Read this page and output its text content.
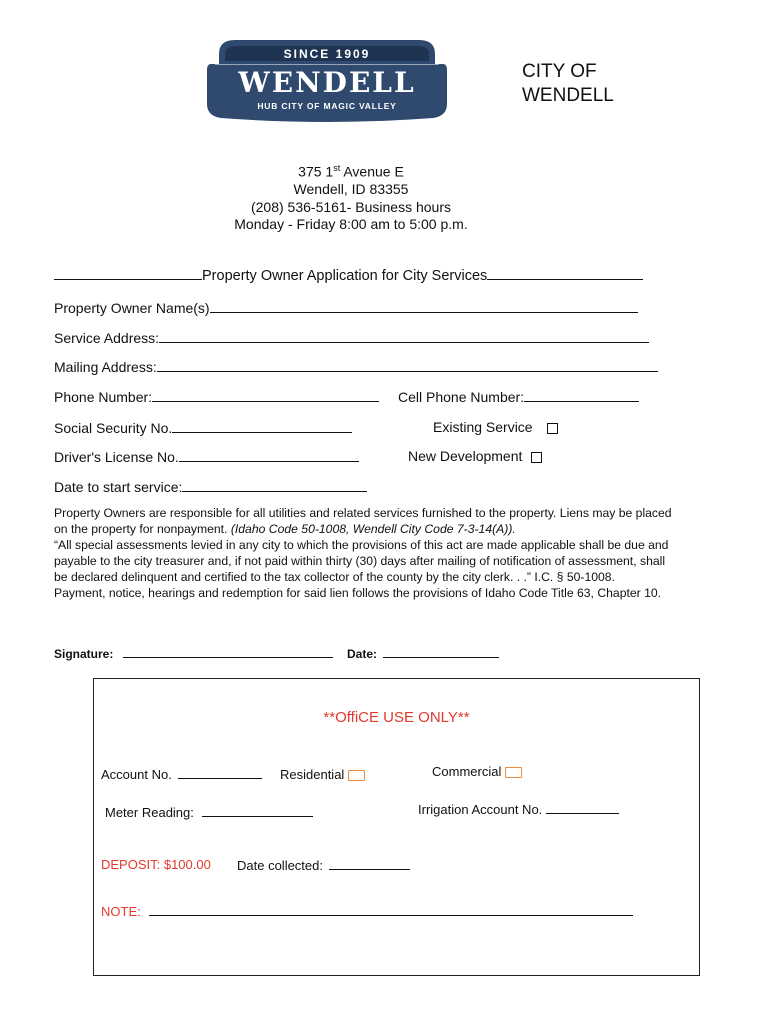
SINCE 1909
WENDELL
HUB CITY OF MAGIC VALLEY
CITY OF
WENDELL
375 1st Avenue E
Wendell, ID 83355
(208) 536-5161- Business hours
Monday - Friday 8:00 am to 5:00 p.m.
Property Owner Application for City Services
Property Owner Name(s)
Service Address:
Mailing Address:
Phone Number:	Cell Phone Number:
Social Security No.	Existing Service
Driver's License No.	New Development
Date to start service:

Property Owners are responsible for all utilities and related services furnished to the property. Liens may be placed on the property for nonpayment. (Idaho Code 50-1008, Wendell City Code 7-3-14(A)).

“All special assessments levied in any city to which the provisions of this act are made applicable shall be due and payable to the city treasurer and, if not paid within thirty (30) days after mailing of notification of assessment, shall be declared delinquent and certified to the tax collector of the county by the city clerk. . .” I.C. § 50-1008.

Payment, notice, hearings and redemption for said lien follows the provisions of Idaho Code Title 63, Chapter 10.

Signature:	Date:
**OffiCE USE ONLY**
Account No.	Residential	Commercial
Meter Reading:	Irrigation Account No.
DEPOSIT: $100.00 Date collected:
NOTE:
